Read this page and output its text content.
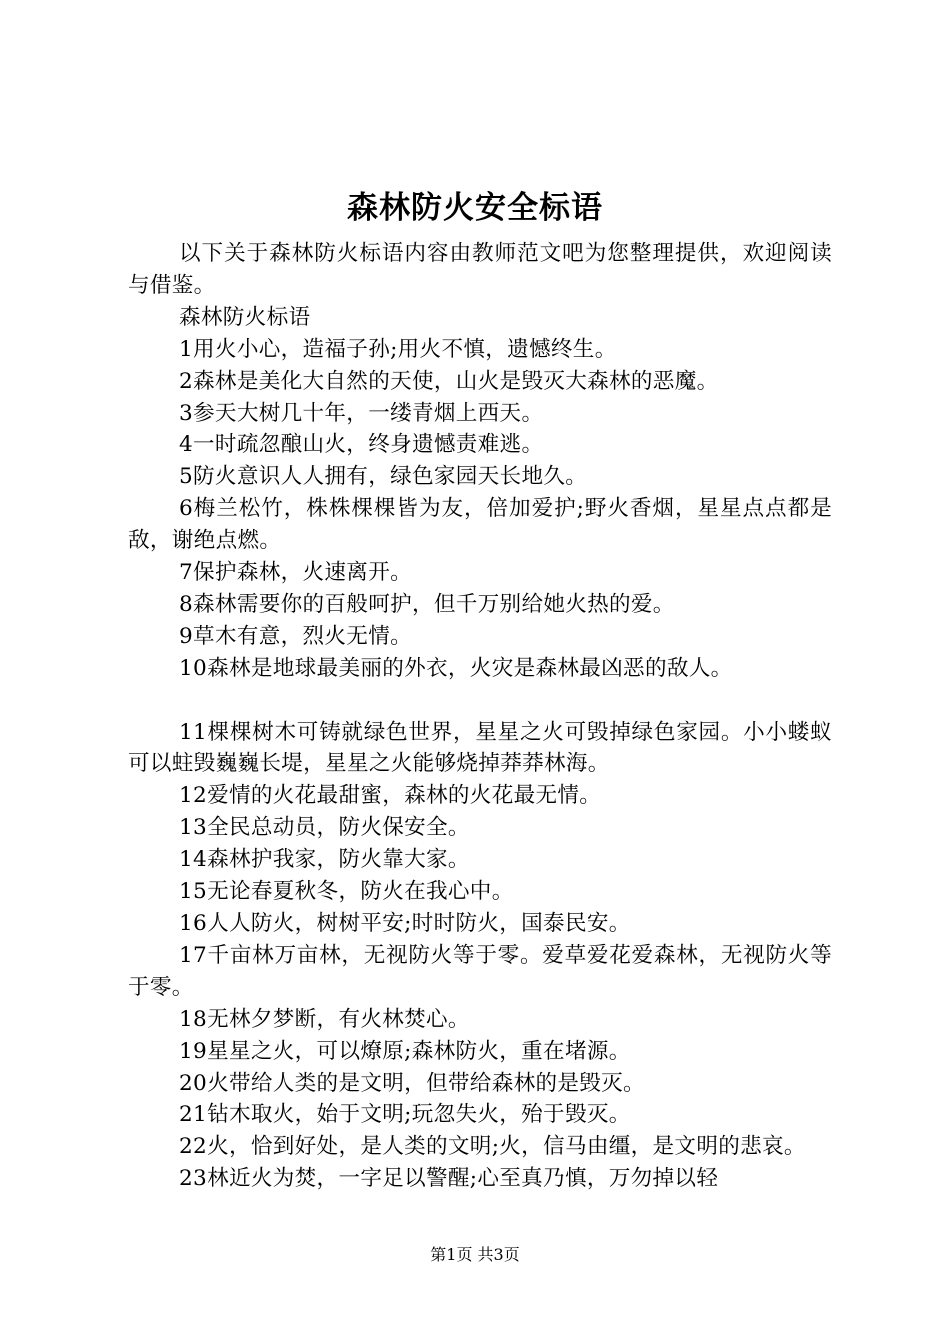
森林防火安全标语

以下关于森林防火标语内容由教师范文吧为您整理提供，欢迎阅读与借鉴。

森林防火标语

1用火小心，造福子孙;用火不慎，遗憾终生。

2森林是美化大自然的天使，山火是毁灭大森林的恶魔。

3参天大树几十年，一缕青烟上西天。

4一时疏忽酿山火，终身遗憾责难逃。

5防火意识人人拥有，绿色家园天长地久。

6梅兰松竹，株株棵棵皆为友，倍加爱护;野火香烟，星星点点都是敌，谢绝点燃。

7保护森林，火速离开。

8森林需要你的百般呵护，但千万别给她火热的爱。

9草木有意，烈火无情。

10森林是地球最美丽的外衣，火灾是森林最凶恶的敌人。

11棵棵树木可铸就绿色世界，星星之火可毁掉绿色家园。小小蝼蚁可以蛀毁巍巍长堤，星星之火能够烧掉莽莽林海。

12爱情的火花最甜蜜，森林的火花最无情。

13全民总动员，防火保安全。

14森林护我家，防火靠大家。

15无论春夏秋冬，防火在我心中。

16人人防火，树树平安;时时防火，国泰民安。

17千亩林万亩林，无视防火等于零。爱草爱花爱森林，无视防火等于零。

18无林夕梦断，有火林焚心。

19星星之火，可以燎原;森林防火，重在堵源。

20火带给人类的是文明，但带给森林的是毁灭。

21钻木取火，始于文明;玩忽失火，殆于毁灭。

22火，恰到好处，是人类的文明;火，信马由缰，是文明的悲哀。

23林近火为焚，一字足以警醒;心至真乃慎，万勿掉以轻

第1页 共3页
